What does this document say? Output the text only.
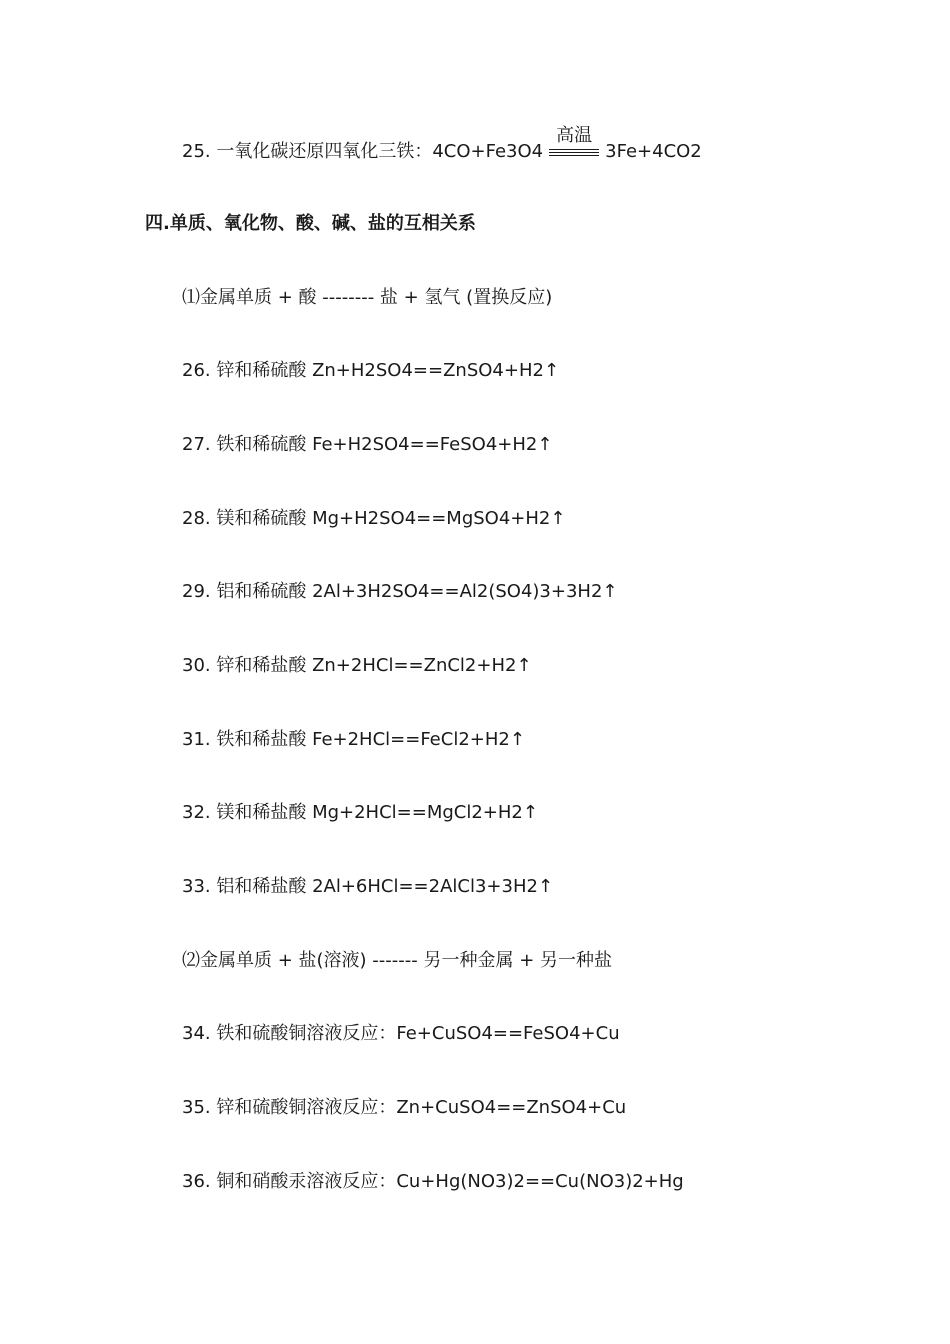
25. 一氧化碳还原四氧化三铁：4CO+Fe3O4
高温
3Fe+4CO2
四.单质、氧化物、酸、碱、盐的互相关系
⑴金属单质 + 酸 -------- 盐 + 氢气 (置换反应)
26. 锌和稀硫酸 Zn+H2SO4==ZnSO4+H2↑
27. 铁和稀硫酸 Fe+H2SO4==FeSO4+H2↑
28. 镁和稀硫酸 Mg+H2SO4==MgSO4+H2↑
29. 铝和稀硫酸 2Al+3H2SO4==Al2(SO4)3+3H2↑
30. 锌和稀盐酸 Zn+2HCl==ZnCl2+H2↑
31. 铁和稀盐酸 Fe+2HCl==FeCl2+H2↑
32. 镁和稀盐酸 Mg+2HCl==MgCl2+H2↑
33. 铝和稀盐酸 2Al+6HCl==2AlCl3+3H2↑
⑵金属单质 + 盐(溶液) ------- 另一种金属 + 另一种盐
34. 铁和硫酸铜溶液反应：Fe+CuSO4==FeSO4+Cu
35. 锌和硫酸铜溶液反应：Zn+CuSO4==ZnSO4+Cu
36. 铜和硝酸汞溶液反应：Cu+Hg(NO3)2==Cu(NO3)2+Hg
